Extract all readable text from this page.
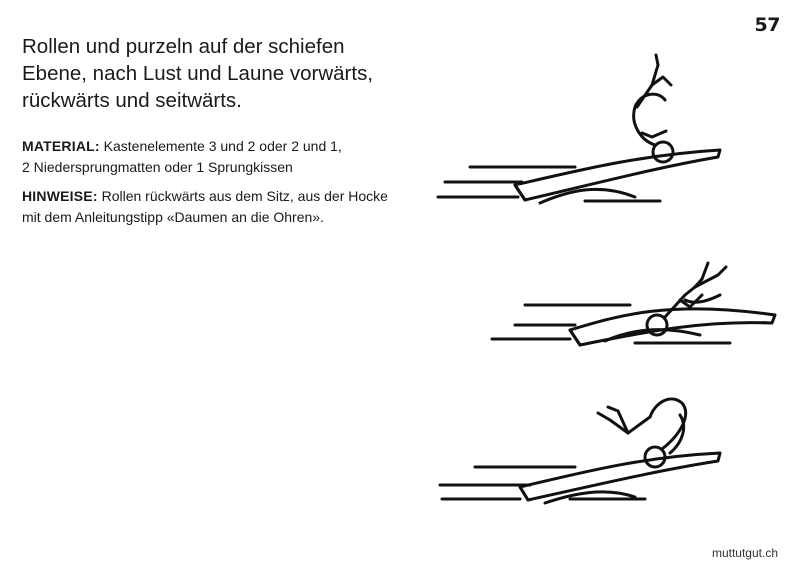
57
Rollen und purzeln auf der schiefen
Ebene, nach Lust und Laune vorwärts,
rückwärts und seitwärts.

MATERIAL: Kastenelemente 3 und 2 oder 2 und 1,
2 Niedersprungmatten oder 1 Sprungkissen

HINWEISE: Rollen rückwärts aus dem Sitz, aus der Hocke
mit dem Anleitungstipp «Daumen an die Ohren».

muttutgut.ch
